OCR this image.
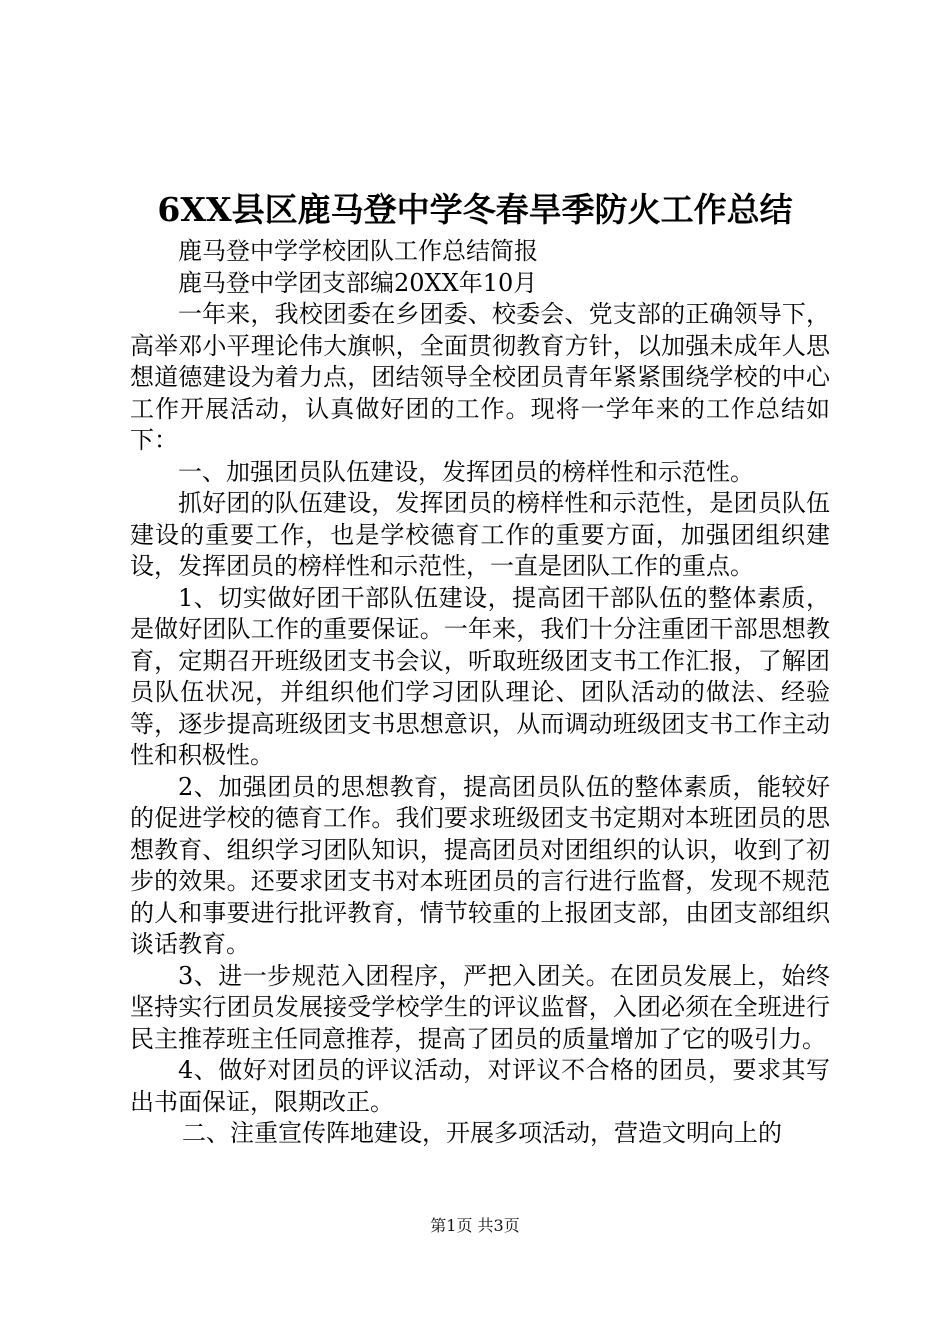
6XX县区鹿马登中学冬春旱季防火工作总结

鹿马登中学学校团队工作总结简报

鹿马登中学团支部编20XX年10月

一年来，我校团委在乡团委、校委会、党支部的正确领导下，高举邓小平理论伟大旗帜，全面贯彻教育方针，以加强未成年人思想道德建设为着力点，团结领导全校团员青年紧紧围绕学校的中心工作开展活动，认真做好团的工作。现将一学年来的工作总结如下：

一、加强团员队伍建设，发挥团员的榜样性和示范性。

抓好团的队伍建设，发挥团员的榜样性和示范性，是团员队伍建设的重要工作，也是学校德育工作的重要方面，加强团组织建设，发挥团员的榜样性和示范性，一直是团队工作的重点。

1、切实做好团干部队伍建设，提高团干部队伍的整体素质，是做好团队工作的重要保证。一年来，我们十分注重团干部思想教育，定期召开班级团支书会议，听取班级团支书工作汇报，了解团员队伍状况，并组织他们学习团队理论、团队活动的做法、经验等，逐步提高班级团支书思想意识，从而调动班级团支书工作主动性和积极性。

2、加强团员的思想教育，提高团员队伍的整体素质，能较好的促进学校的德育工作。我们要求班级团支书定期对本班团员的思想教育、组织学习团队知识，提高团员对团组织的认识，收到了初步的效果。还要求团支书对本班团员的言行进行监督，发现不规范的人和事要进行批评教育，情节较重的上报团支部，由团支部组织谈话教育。

3、进一步规范入团程序，严把入团关。在团员发展上，始终坚持实行团员发展接受学校学生的评议监督，入团必须在全班进行民主推荐班主任同意推荐，提高了团员的质量增加了它的吸引力。

4、做好对团员的评议活动，对评议不合格的团员，要求其写出书面保证，限期改正。

二、注重宣传阵地建设，开展多项活动，营造文明向上的

第1页 共3页
